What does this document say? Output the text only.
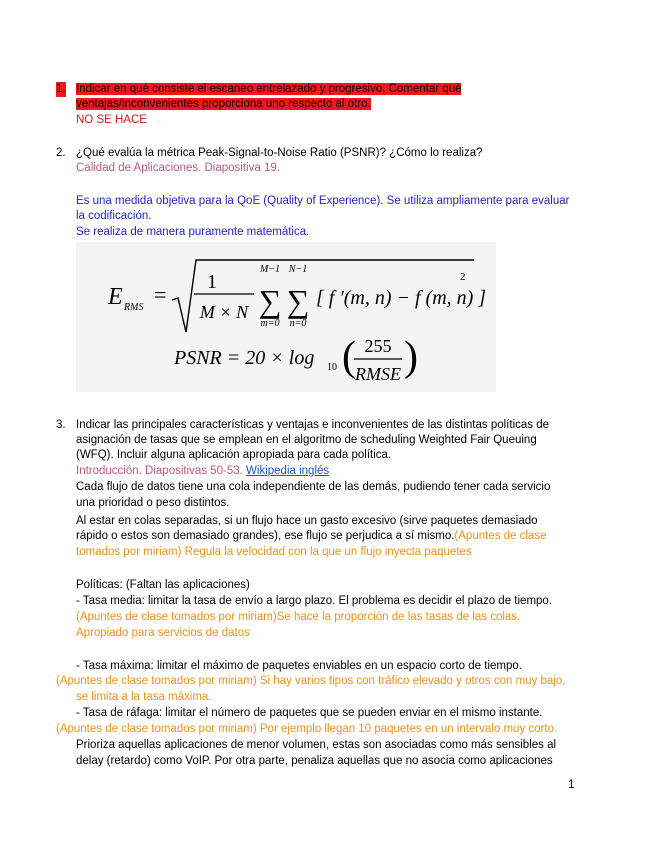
1. Indicar en qué consiste el escaneo entrelazado y progresivo. Comentar qué
ventajas/inconvenientes proporciona uno respecto al otro.
NO SE HACE
2. ¿Qué evalúa la métrica Peak-Signal-to-Noise Ratio (PSNR)? ¿Cómo lo realiza?
Calidad de Aplicaciones. Diapositiva 19.
Es una medida objetiva para la QoE (Quality of Experience). Se utiliza ampliamente para evaluar
la codificación.
Se realiza de manera puramente matemática.
E RMS
= 1
M × N
M−1
∑
m=0
N−1
∑
n=0
[ f ′(m, n) − f (m, n) ]
2
PSNR = 20 × log 10 ( 255
RMSE )
3. Indicar las principales características y ventajas e inconvenientes de las distintas políticas de
asignación de tasas que se emplean en el algoritmo de scheduling Weighted Fair Queuing
(WFQ). Incluir alguna aplicación apropiada para cada política.
Introducción. Diapositivas 50-53. Wikipedia inglés
Cada flujo de datos tiene una cola independiente de las demás, pudiendo tener cada servicio
una prioridad o peso distintos.
Al estar en colas separadas, si un flujo hace un gasto excesivo (sirve paquetes demasiado
rápido o estos son demasiado grandes), ese flujo se perjudica a sí mismo.(Apuntes de clase
tomados por miriam) Regula la velocidad con la que un flujo inyecta paquetes
Políticas: (Faltan las aplicaciones)
- Tasa media: limitar la tasa de envío a largo plazo. El problema es decidir el plazo de tiempo.
(Apuntes de clase tomados por miriam)Se hace la proporción de las tasas de las colas.
Apropiado para servicios de datos
- Tasa máxima: limitar el máximo de paquetes enviables en un espacio corto de tiempo.
(Apuntes de clase tomados por miriam) Si hay varios tipos con tráfico elevado y otros con muy bajo,
se limita a la tasa máxima.
- Tasa de ráfaga: limitar el número de paquetes que se pueden enviar en el mismo instante.
(Apuntes de clase tomados por miriam) Por ejemplo llegan 10 paquetes en un intervalo muy corto.
Prioriza aquellas aplicaciones de menor volumen, estas son asociadas como más sensibles al
delay (retardo) como VoIP. Por otra parte, penaliza aquellas que no asocia como aplicaciones
1
